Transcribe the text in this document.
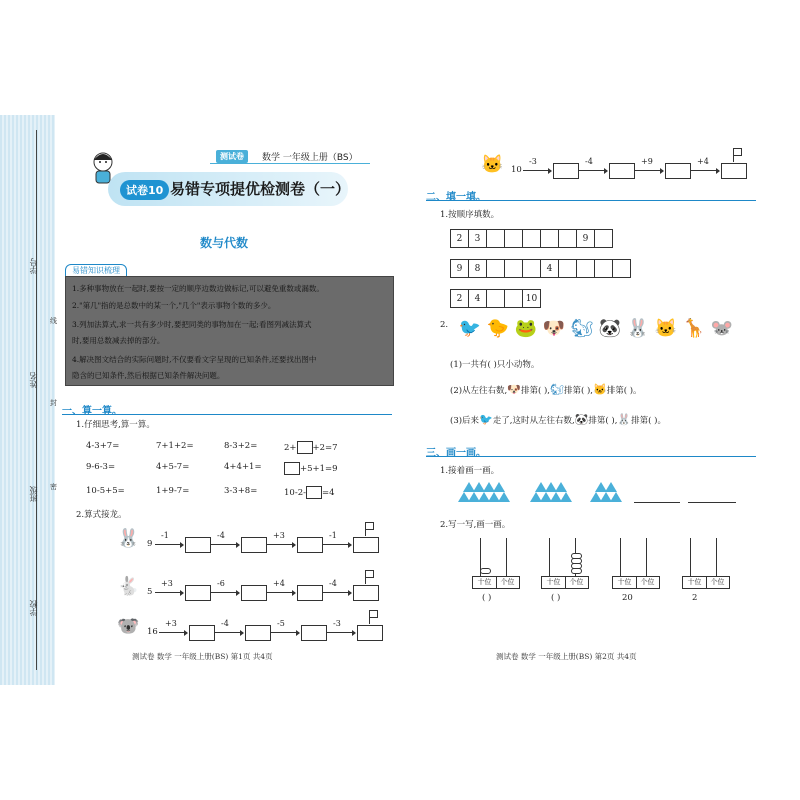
学号
姓名
班级
学校
线
封
密
测试卷	数学 一年级上册（BS）
试卷10 易错专项提优检测卷（一）
数与代数
易错知识梳理
1.多种事物放在一起时,要按一定的顺序边数边做标记,可以避免重数或漏数。
2."第几"指的是总数中的某一个,"几个"表示事物个数的多少。
3.列加法算式,求一共有多少时,要把同类的事物加在一起;看图列减法算式
时,要用总数减去掉的部分。
4.解决图文结合的实际问题时,不仅要看文字呈现的已知条件,还要找出图中
隐含的已知条件,然后根据已知条件解决问题。
一、算一算。
1.仔细思考,算一算。
4-3+7=	7+1+2=	8-3+2=	2+ +2=7
9-6-3=	4+5-7=	4+4+1=	+5+1=9
10-5+5=	1+9-7=	3-3+8=	10-2- =4
2.算式接龙。
🐰 9
-1	-4	+3	-1
🐇 5
+3	-6	+4	-4
🐨 16
+3	-4	-5	-3
🐱 10
-3	-4	+9	+4
二、填一填。
1.按顺序填数。
2	3						9	
9	8				4				
2	4			10
2. 🐦 🐤 🐸 🐶 🐿 🐼 🐰 🐱 🦒 🐭
(1)一共有( )只小动物。
(2)从左往右数,🐶排第( ),🐿排第( ),🐱排第( )。
(3)后来🐦走了,这时从左往右数,🐼排第( ),🐰排第( )。
三、画一画。
1.接着画一画。
2.写一写,画一画。
十位 个位
( )
十位 个位
( )
十位 个位
20
十位 个位
2
测试卷 数学 一年级上册(BS) 第1页 共4页	测试卷 数学 一年级上册(BS) 第2页 共4页
